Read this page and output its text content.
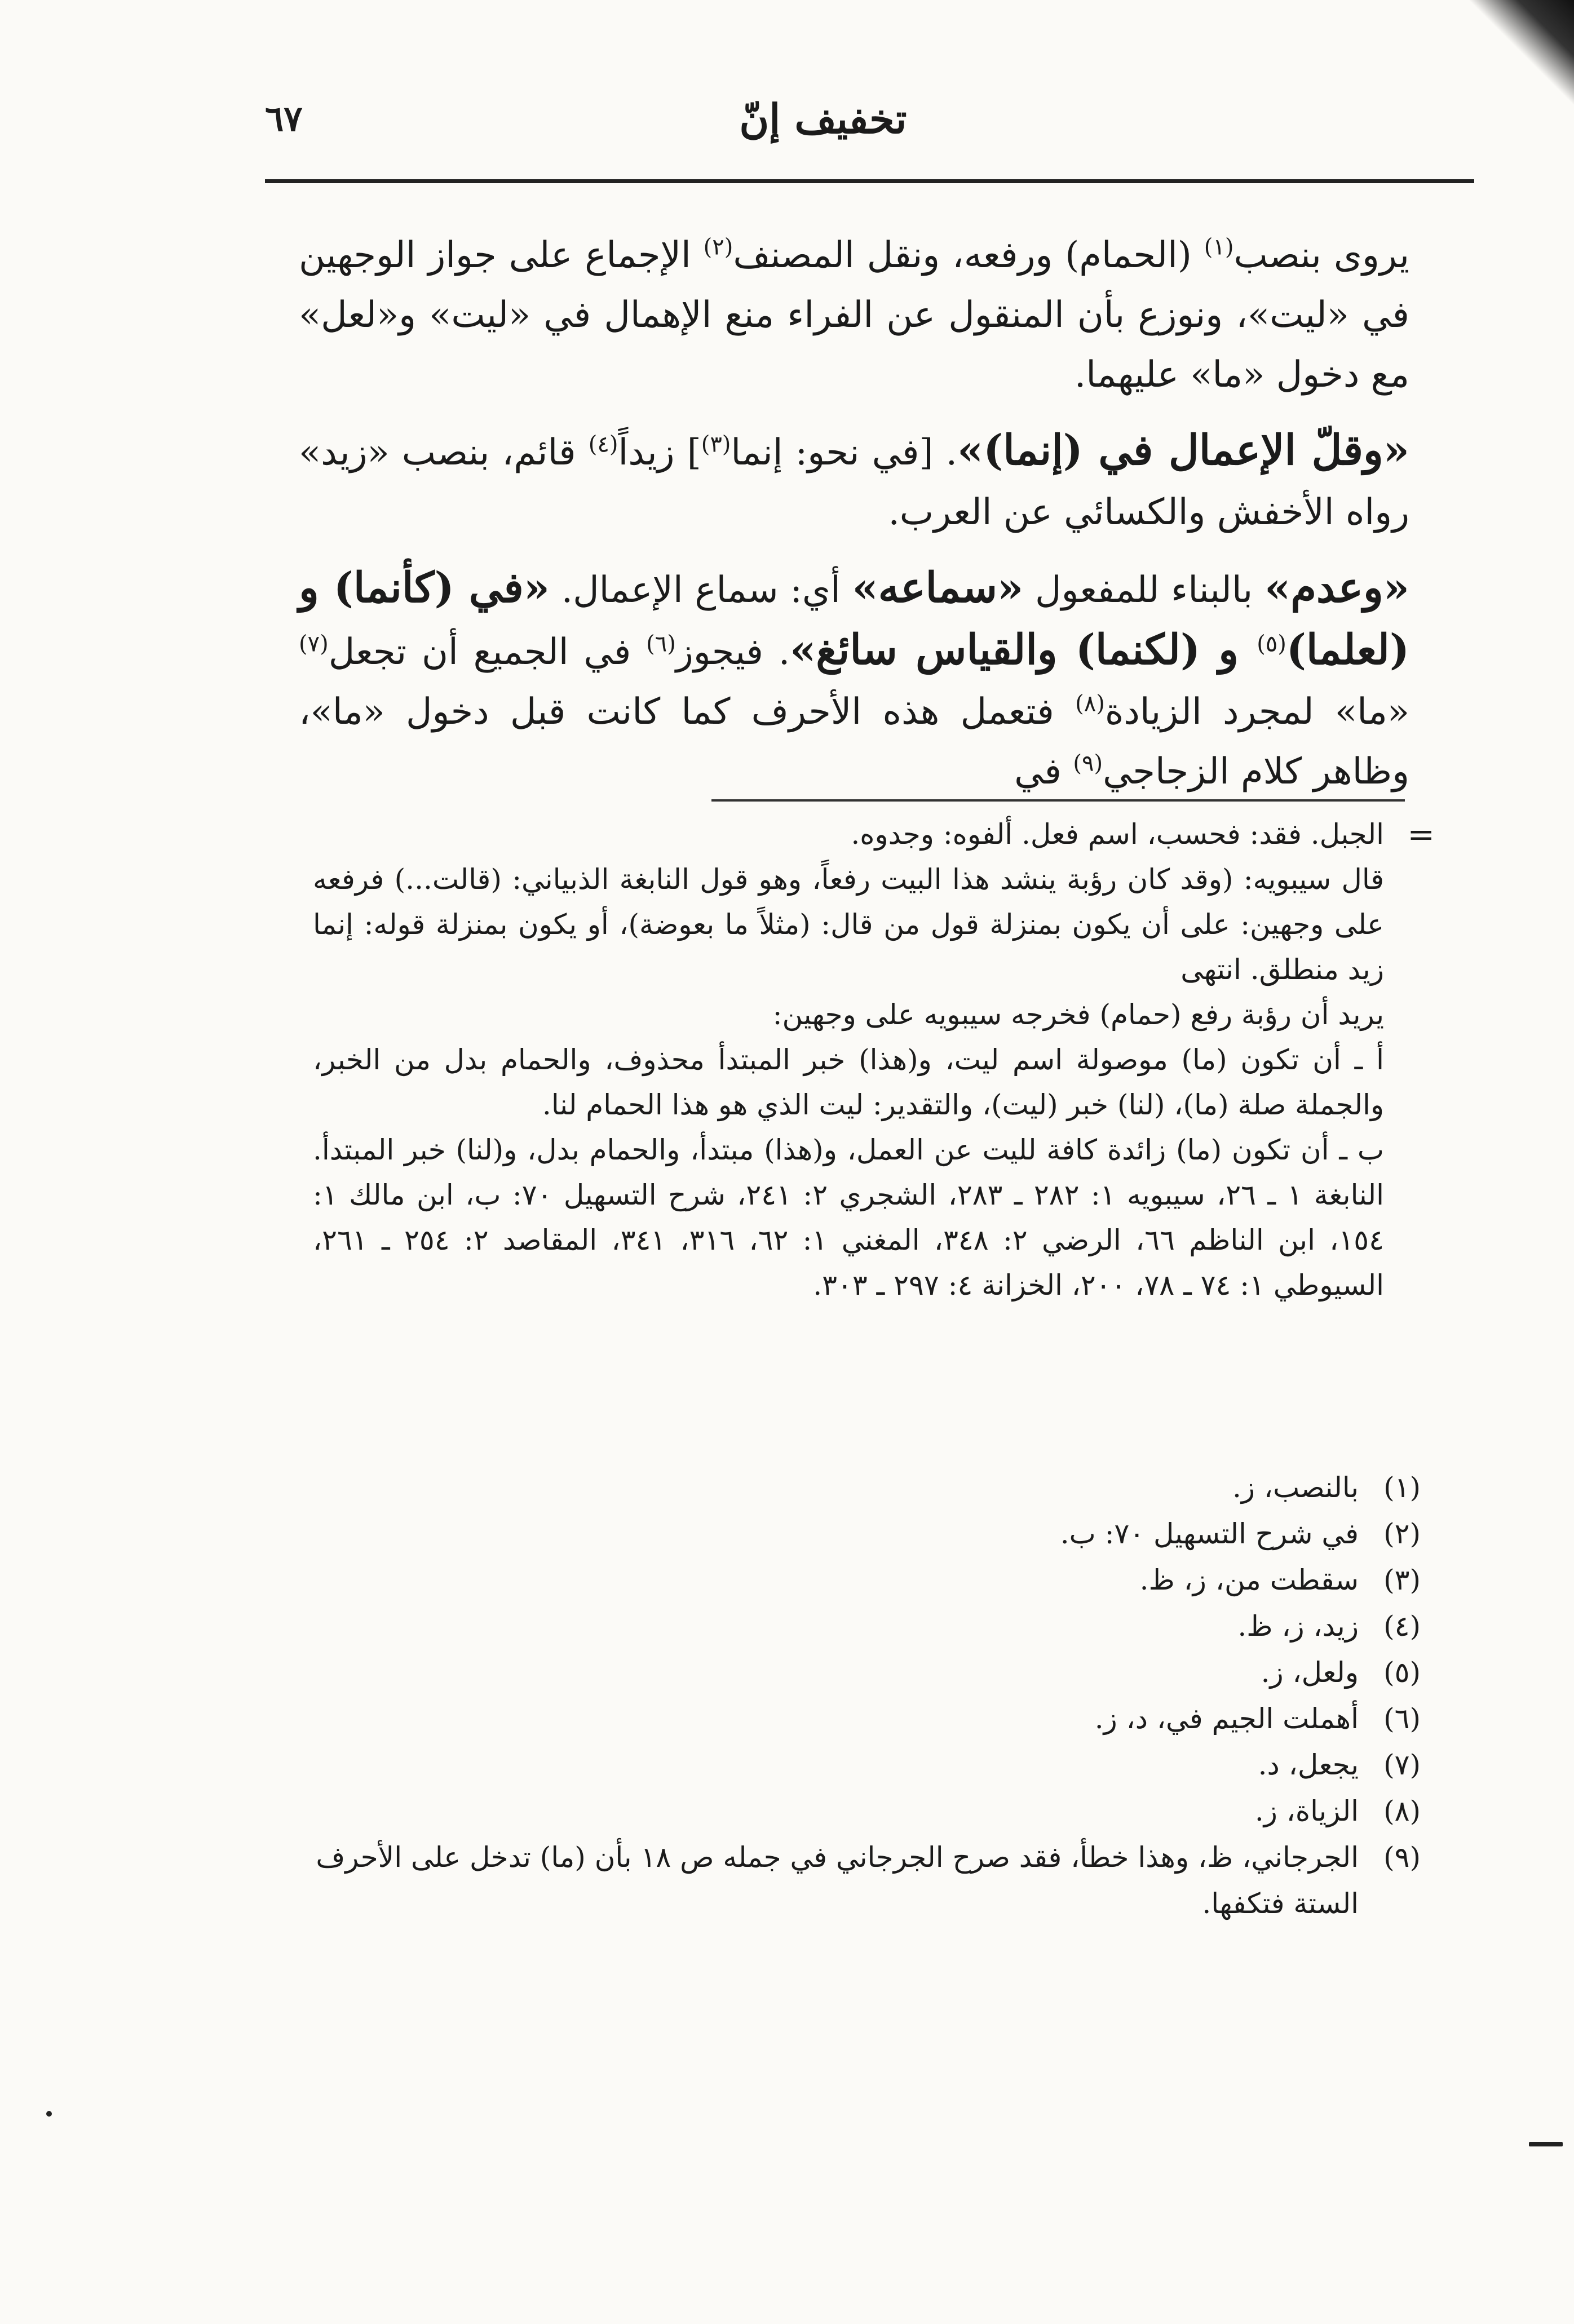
٦٧	تخفيف إنّ

يروى بنصب$^{(١)}$ (الحمام) ورفعه، ونقل المصنف$^{(٢)}$ الإجماع على جواز الوجهين في «ليت»، ونوزع بأن المنقول عن الفراء منع الإهمال في «ليت» و«لعل» مع دخول «ما» عليهما.

«وقلّ الإعمال في (إنما)». [في نحو: إنما$^{(٣)}$] زيداً$^{(٤)}$ قائم، بنصب «زيد» رواه الأخفش والكسائي عن العرب.

«وعدم» بالبناء للمفعول «سماعه» أي: سماع الإعمال. «في (كأنما) و (لعلما)$^{(٥)}$ و (لكنما) والقياس سائغ». فيجوز$^{(٦)}$ في الجميع أن تجعل$^{(٧)}$ «ما» لمجرد الزيادة$^{(٨)}$ فتعمل هذه الأحرف كما كانت قبل دخول «ما»، وظاهر كلام الزجاجي$^{(٩)}$ في

=

الجبل. فقد: فحسب، اسم فعل. ألفوه: وجدوه.

قال سيبويه: (وقد كان رؤبة ينشد هذا البيت رفعاً، وهو قول النابغة الذبياني: (قالت...) فرفعه على وجهين: على أن يكون بمنزلة قول من قال: (مثلاً ما بعوضة)، أو يكون بمنزلة قوله: إنما زيد منطلق. انتهى

يريد أن رؤبة رفع (حمام) فخرجه سيبويه على وجهين:

أ ـ أن تكون (ما) موصولة اسم ليت، و(هذا) خبر المبتدأ محذوف، والحمام بدل من الخبر، والجملة صلة (ما)، (لنا) خبر (ليت)، والتقدير: ليت الذي هو هذا الحمام لنا.

ب ـ أن تكون (ما) زائدة كافة لليت عن العمل، و(هذا) مبتدأ، والحمام بدل، و(لنا) خبر المبتدأ. النابغة ١ ـ ٢٦، سيبويه ١: ٢٨٢ ـ ٢٨٣، الشجري ٢: ٢٤١، شرح التسهيل ٧٠: ب، ابن مالك ١: ١٥٤، ابن الناظم ٦٦، الرضي ٢: ٣٤٨، المغني ١: ٦٢، ٣١٦، ٣٤١، المقاصد ٢: ٢٥٤ ـ ٢٦١، السيوطي ١: ٧٤ ـ ٧٨، ٢٠٠، الخزانة ٤: ٢٩٧ ـ ٣٠٣.

(١)
بالنصب، ز.
(٢)
في شرح التسهيل ٧٠: ب.
(٣)
سقطت من، ز، ظ.
(٤)
زيد، ز، ظ.
(٥)
ولعل، ز.
(٦)
أهملت الجيم في، د، ز.
(٧)
يجعل، د.
(٨)
الزياة، ز.
(٩)
الجرجاني، ظ، وهذا خطأ، فقد صرح الجرجاني في جمله ص ١٨ بأن (ما) تدخل على الأحرف الستة فتكفها.
